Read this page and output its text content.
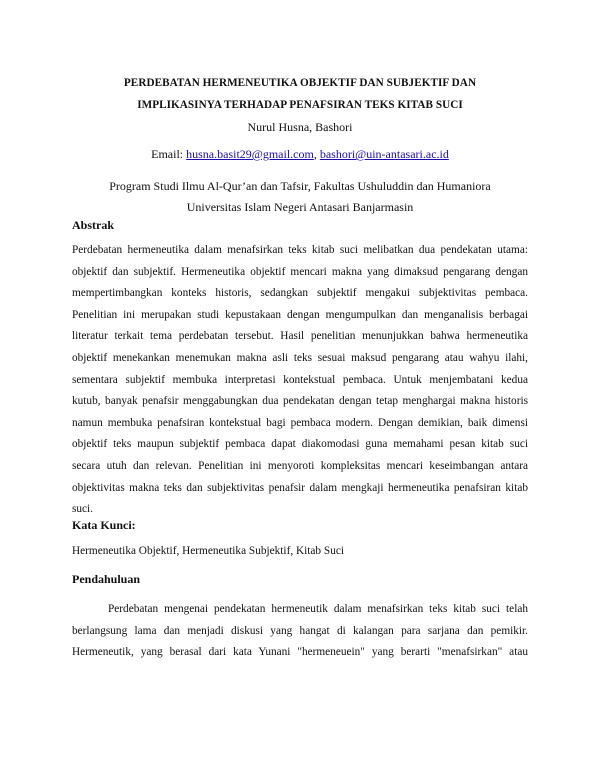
PERDEBATAN HERMENEUTIKA OBJEKTIF DAN SUBJEKTIF DAN
IMPLIKASINYA TERHADAP PENAFSIRAN TEKS KITAB SUCI
Nurul Husna, Bashori
Email: husna.basit29@gmail.com, bashori@uin-antasari.ac.id
Program Studi Ilmu Al-Qur’an dan Tafsir, Fakultas Ushuluddin dan Humaniora
Universitas Islam Negeri Antasari Banjarmasin
Abstrak
Perdebatan hermeneutika dalam menafsirkan teks kitab suci melibatkan dua pendekatan utama:
objektif dan subjektif. Hermeneutika objektif mencari makna yang dimaksud pengarang dengan
mempertimbangkan konteks historis, sedangkan subjektif mengakui subjektivitas pembaca.
Penelitian ini merupakan studi kepustakaan dengan mengumpulkan dan menganalisis berbagai
literatur terkait tema perdebatan tersebut. Hasil penelitian menunjukkan bahwa hermeneutika
objektif menekankan menemukan makna asli teks sesuai maksud pengarang atau wahyu ilahi,
sementara subjektif membuka interpretasi kontekstual pembaca. Untuk menjembatani kedua
kutub, banyak penafsir menggabungkan dua pendekatan dengan tetap menghargai makna historis
namun membuka penafsiran kontekstual bagi pembaca modern. Dengan demikian, baik dimensi
objektif teks maupun subjektif pembaca dapat diakomodasi guna memahami pesan kitab suci
secara utuh dan relevan. Penelitian ini menyoroti kompleksitas mencari keseimbangan antara
objektivitas makna teks dan subjektivitas penafsir dalam mengkaji hermeneutika penafsiran kitab
suci.
Kata Kunci:
Hermeneutika Objektif, Hermeneutika Subjektif, Kitab Suci
Pendahuluan
Perdebatan mengenai pendekatan hermeneutik dalam menafsirkan teks kitab suci telah
berlangsung lama dan menjadi diskusi yang hangat di kalangan para sarjana dan pemikir.
Hermeneutik, yang berasal dari kata Yunani "hermeneuein" yang berarti "menafsirkan" atau
